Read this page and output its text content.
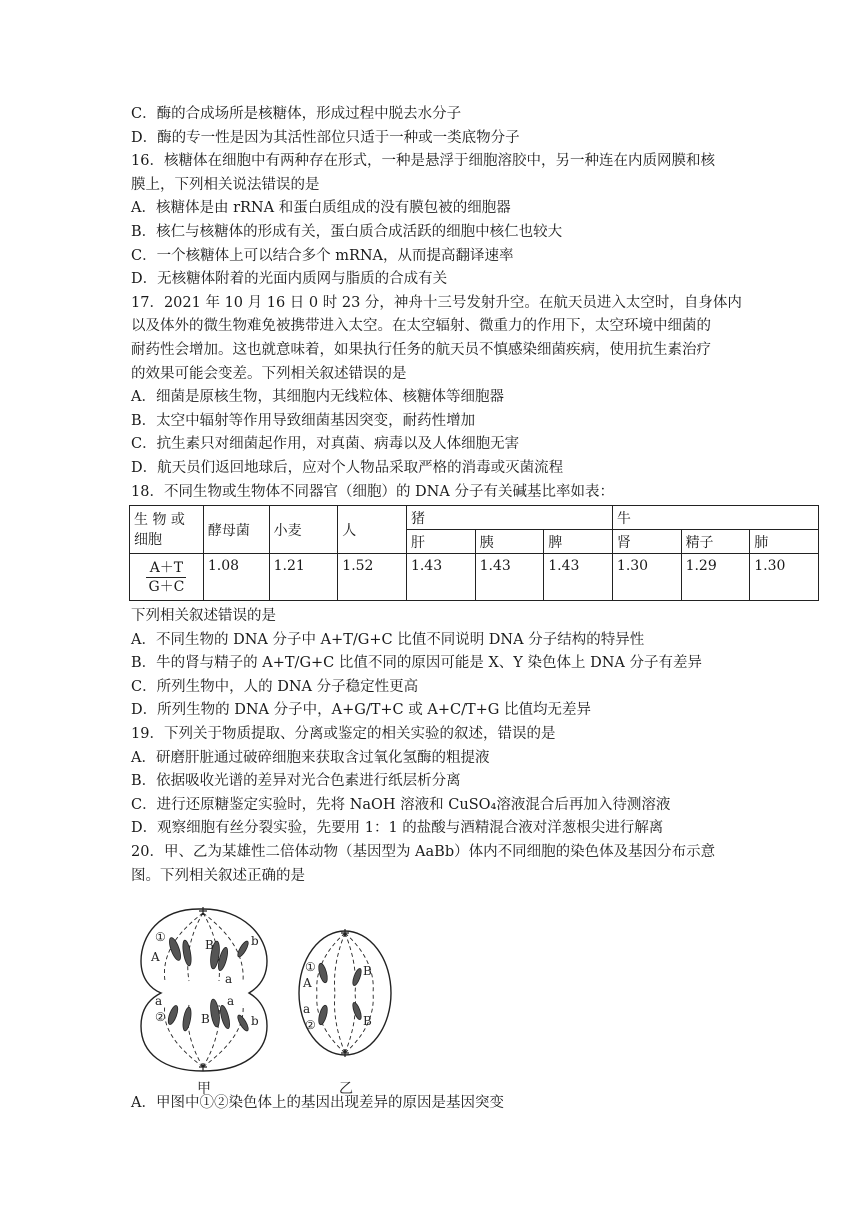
C．酶的合成场所是核糖体，形成过程中脱去水分子
D．酶的专一性是因为其活性部位只适于一种或一类底物分子
16．核糖体在细胞中有两种存在形式，一种是悬浮于细胞溶胶中，另一种连在内质网膜和核
膜上，下列相关说法错误的是
A．核糖体是由 rRNA 和蛋白质组成的没有膜包被的细胞器
B．核仁与核糖体的形成有关，蛋白质合成活跃的细胞中核仁也较大
C．一个核糖体上可以结合多个 mRNA，从而提高翻译速率
D．无核糖体附着的光面内质网与脂质的合成有关
17．2021 年 10 月 16 日 0 时 23 分，神舟十三号发射升空。在航天员进入太空时，自身体内
以及体外的微生物难免被携带进入太空。在太空辐射、微重力的作用下，太空环境中细菌的
耐药性会增加。这也就意味着，如果执行任务的航天员不慎感染细菌疾病，使用抗生素治疗
的效果可能会变差。下列相关叙述错误的是
A．细菌是原核生物，其细胞内无线粒体、核糖体等细胞器
B．太空中辐射等作用导致细菌基因突变，耐药性增加
C．抗生素只对细菌起作用，对真菌、病毒以及人体细胞无害
D．航天员们返回地球后，应对个人物品采取严格的消毒或灭菌流程
18．不同生物或生物体不同器官（细胞）的 DNA 分子有关碱基比率如表：
生 物 或
细胞	酵母菌	小麦	人	猪			牛		
				肝	胰	脾	肾	精子	肺

$\frac{A+T}{G+C}$	1.08	1.21	1.52	1.43	1.43	1.43	1.30	1.29	1.30
下列相关叙述错误的是
A．不同生物的 DNA 分子中 A+T/G+C 比值不同说明 DNA 分子结构的特异性
B．牛的肾与精子的 A+T/G+C 比值不同的原因可能是 X、Y 染色体上 DNA 分子有差异
C．所列生物中，人的 DNA 分子稳定性更高
D．所列生物的 DNA 分子中，A+G/T+C 或 A+C/T+G 比值均无差异
19．下列关于物质提取、分离或鉴定的相关实验的叙述，错误的是
A．研磨肝脏通过破碎细胞来获取含过氧化氢酶的粗提液
B．依据吸收光谱的差异对光合色素进行纸层析分离
C．进行还原糖鉴定实验时，先将 NaOH 溶液和 CuSO₄溶液混合后再加入待测溶液
D．观察细胞有丝分裂实验，先要用 1：1 的盐酸与酒精混合液对洋葱根尖进行解离
20．甲、乙为某雄性二倍体动物（基因型为 AaBb）体内不同细胞的染色体及基因分布示意
图。下列相关叙述正确的是
①
A
B	b
a
a	a
②	B	b
①
A
B
a
②	B
甲	乙
A．甲图中①②染色体上的基因出现差异的原因是基因突变
